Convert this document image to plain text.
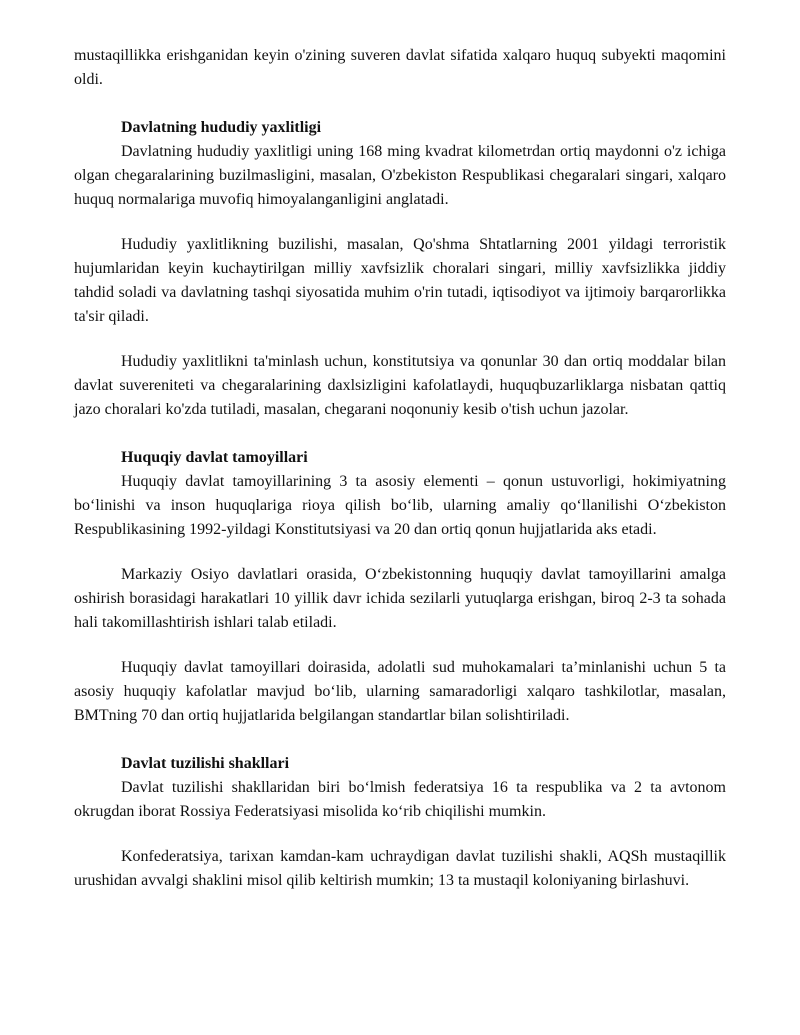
mustaqillikka erishganidan keyin o'zining suveren davlat sifatida xalqaro huquq subyekti maqomini oldi.

Davlatning hududiy yaxlitligi

Davlatning hududiy yaxlitligi uning 168 ming kvadrat kilometrdan ortiq maydonni o'z ichiga olgan chegaralarining buzilmasligini, masalan, O'zbekiston Respublikasi chegaralari singari, xalqaro huquq normalariga muvofiq himoyalanganligini anglatadi.

Hududiy yaxlitlikning buzilishi, masalan, Qo'shma Shtatlarning 2001 yildagi terroristik hujumlaridan keyin kuchaytirilgan milliy xavfsizlik choralari singari, milliy xavfsizlikka jiddiy tahdid soladi va davlatning tashqi siyosatida muhim o'rin tutadi, iqtisodiyot va ijtimoiy barqarorlikka ta'sir qiladi.

Hududiy yaxlitlikni ta'minlash uchun, konstitutsiya va qonunlar 30 dan ortiq moddalar bilan davlat suvereniteti va chegaralarining daxlsizligini kafolatlaydi, huquqbuzarliklarga nisbatan qattiq jazo choralari ko'zda tutiladi, masalan, chegarani noqonuniy kesib o'tish uchun jazolar.

Huquqiy davlat tamoyillari

Huquqiy davlat tamoyillarining 3 ta asosiy elementi – qonun ustuvorligi, hokimiyatning bo‘linishi va inson huquqlariga rioya qilish bo‘lib, ularning amaliy qo‘llanilishi O‘zbekiston Respublikasining 1992-yildagi Konstitutsiyasi va 20 dan ortiq qonun hujjatlarida aks etadi.

Markaziy Osiyo davlatlari orasida, O‘zbekistonning huquqiy davlat tamoyillarini amalga oshirish borasidagi harakatlari 10 yillik davr ichida sezilarli yutuqlarga erishgan, biroq 2-3 ta sohada hali takomillashtirish ishlari talab etiladi.

Huquqiy davlat tamoyillari doirasida, adolatli sud muhokamalari ta’minlanishi uchun 5 ta asosiy huquqiy kafolatlar mavjud bo‘lib, ularning samaradorligi xalqaro tashkilotlar, masalan, BMTning 70 dan ortiq hujjatlarida belgilangan standartlar bilan solishtiriladi.

Davlat tuzilishi shakllari

Davlat tuzilishi shakllaridan biri bo‘lmish federatsiya 16 ta respublika va 2 ta avtonom okrugdan iborat Rossiya Federatsiyasi misolida ko‘rib chiqilishi mumkin.

Konfederatsiya, tarixan kamdan-kam uchraydigan davlat tuzilishi shakli, AQSh mustaqillik urushidan avvalgi shaklini misol qilib keltirish mumkin; 13 ta mustaqil koloniyaning birlashuvi.
